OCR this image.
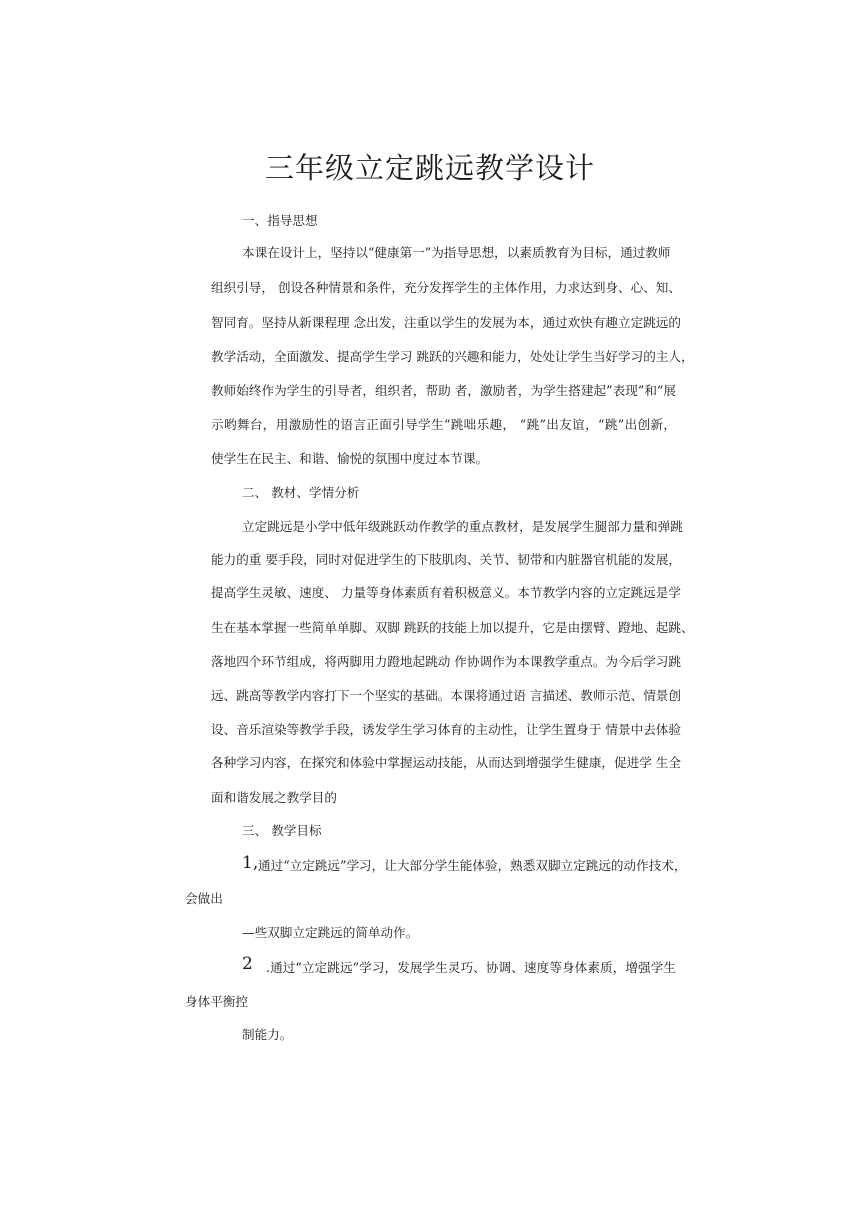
三年级立定跳远教学设计
一、指导思想
本课在设计上，坚持以“健康第一”为指导思想，以素质教育为目标，通过教师
组织引导， 创设各种情景和条件，充分发挥学生的主体作用，力求达到身、心、知、
智同育。坚持从新课程理 念出发，注重以学生的发展为本，通过欢快有趣立定跳远的
教学活动，全面激发、提高学生学习 跳跃的兴趣和能力，处处让学生当好学习的主人，
教师始终作为学生的引导者，组织者，帮助 者，激励者，为学生搭建起”表现”和“展
示哟舞台，用激励性的语言正面引导学生“跳咄乐趣， “跳”出友谊，“跳”出创新，
使学生在民主、和谐、愉悦的氛围中度过本节课。
二、 教材、学情分析
立定跳远是小学中低年级跳跃动作教学的重点教材，是发展学生腿部力量和弹跳
能力的重 要手段，同时对促进学生的下肢肌肉、关节、韧带和内脏器官机能的发展，
提高学生灵敏、速度、 力量等身体素质有着积极意义。本节教学内容的立定跳远是学
生在基本掌握一些简单单脚、双脚 跳跃的技能上加以提升，它是由摆臂、蹬地、起跳、
落地四个环节组成，将两脚用力蹬地起跳动 作协调作为本课教学重点。为今后学习跳
远、跳高等教学内容打下一个坚实的基础。本课将通过语 言描述、教师示范、情景创
设、音乐渲染等教学手段，诱发学生学习体育的主动性，让学生置身于 情景中去体验
各种学习内容，在探究和体验中掌握运动技能，从而达到增强学生健康，促进学 生全
面和谐发展之教学目的
三、 教学目标
1, 通过“立定跳远”学习，让大部分学生能体验，熟悉双脚立定跳远的动作技术，
会做出
—些双脚立定跳远的简单动作。
2 .通过“立定跳远”学习，发展学生灵巧、协调、速度等身体素质，增强学生
身体平衡控
制能力。
